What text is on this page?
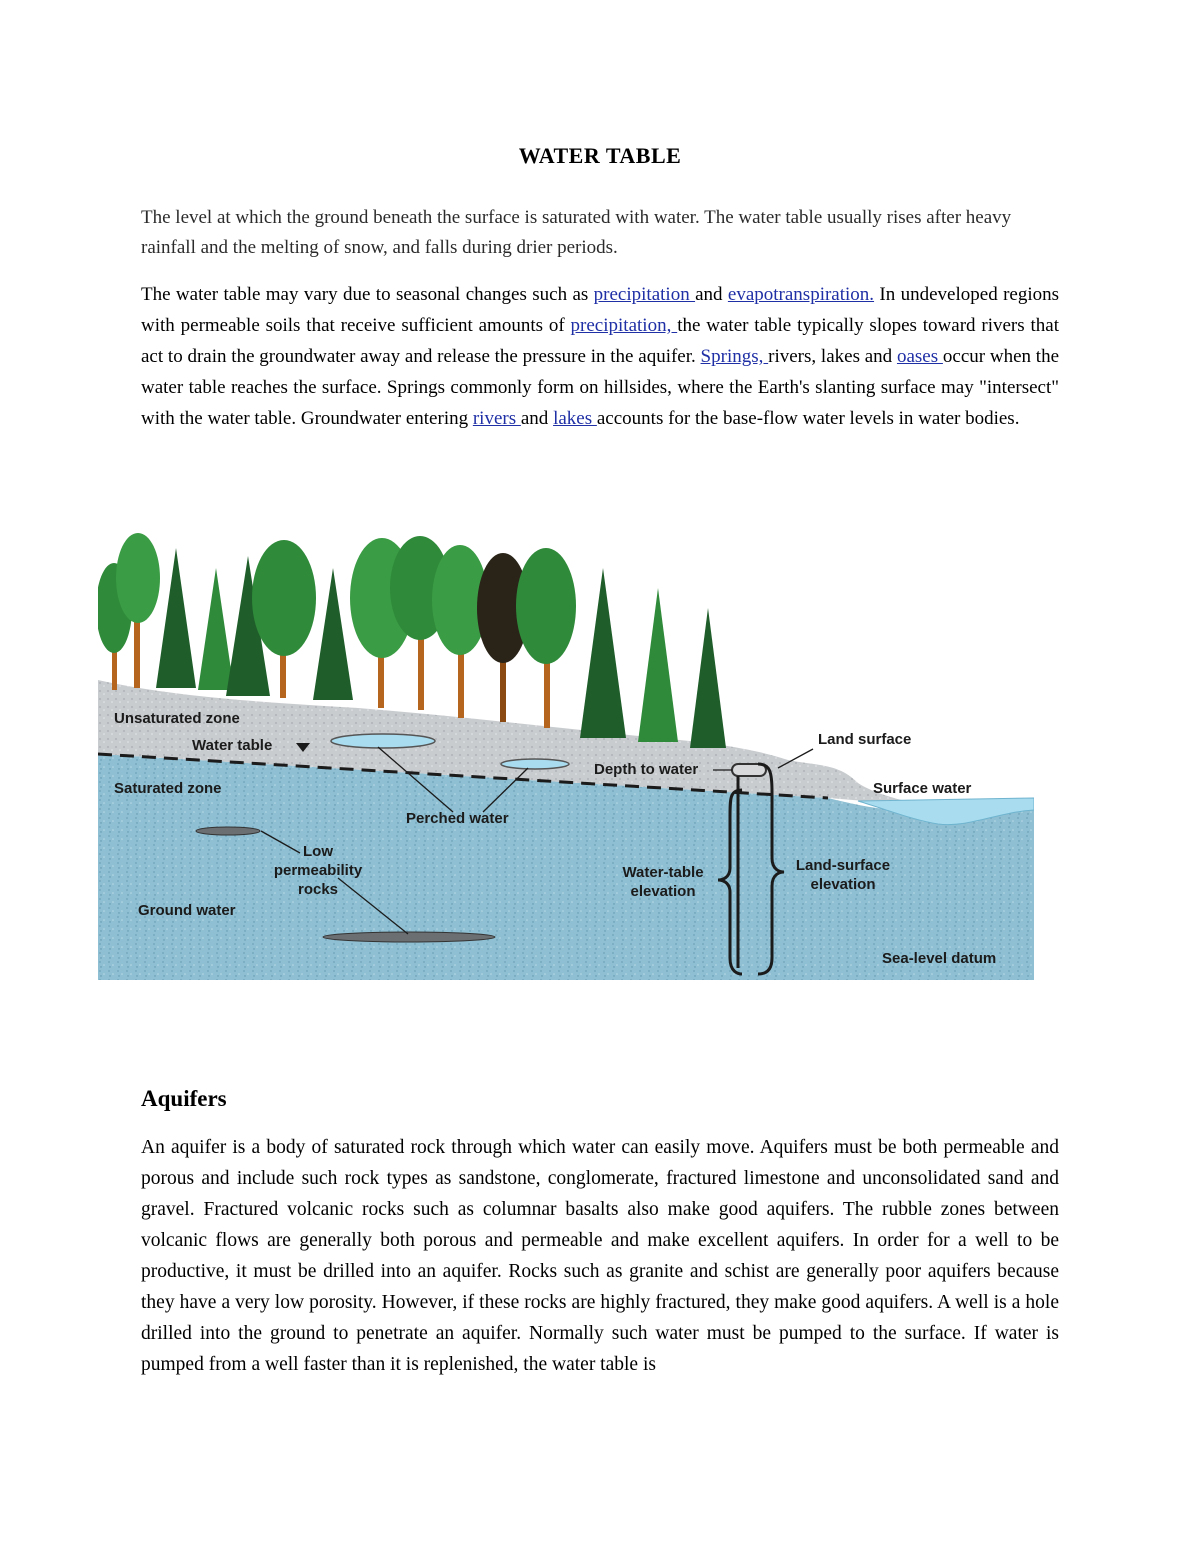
WATER TABLE
The level at which the ground beneath the surface is saturated with water. The water table usually rises after heavy rainfall and the melting of snow, and falls during drier periods.
The water table may vary due to seasonal changes such as precipitation and evapotranspiration. In undeveloped regions with permeable soils that receive sufficient amounts of precipitation, the water table typically slopes toward rivers that act to drain the groundwater away and release the pressure in the aquifer. Springs, rivers, lakes and oases occur when the water table reaches the surface. Springs commonly form on hillsides, where the Earth's slanting surface may "intersect" with the water table. Groundwater entering rivers and lakes accounts for the base-flow water levels in water bodies.
Unsaturated zone
Water table
Saturated zone
Perched water
Low
permeability
rocks
Ground water
Depth to water
Land surface
Surface water
Water-table
elevation
Land-surface
elevation
Sea-level datum
Aquifers
An aquifer is a body of saturated rock through which water can easily move. Aquifers must be both permeable and porous and include such rock types as sandstone, conglomerate, fractured limestone and unconsolidated sand and gravel. Fractured volcanic rocks such as columnar basalts also make good aquifers. The rubble zones between volcanic flows are generally both porous and permeable and make excellent aquifers. In order for a well to be productive, it must be drilled into an aquifer. Rocks such as granite and schist are generally poor aquifers because they have a very low porosity. However, if these rocks are highly fractured, they make good aquifers. A well is a hole drilled into the ground to penetrate an aquifer. Normally such water must be pumped to the surface. If water is pumped from a well faster than it is replenished, the water table is
